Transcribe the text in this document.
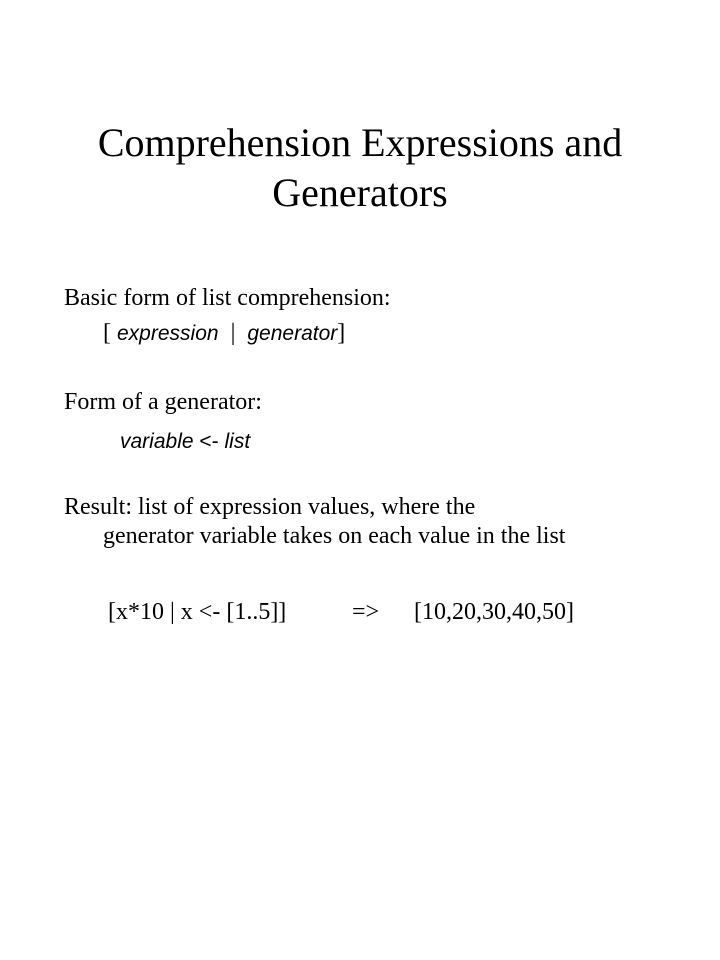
Comprehension Expressions and Generators
Basic form of list comprehension:
[ expression | generator]
Form of a generator:
variable <- list
Result: list of expression values, where the
generator variable takes on each value in the list
[x*10 | x <- [1..5]]	=> [10,20,30,40,50]
